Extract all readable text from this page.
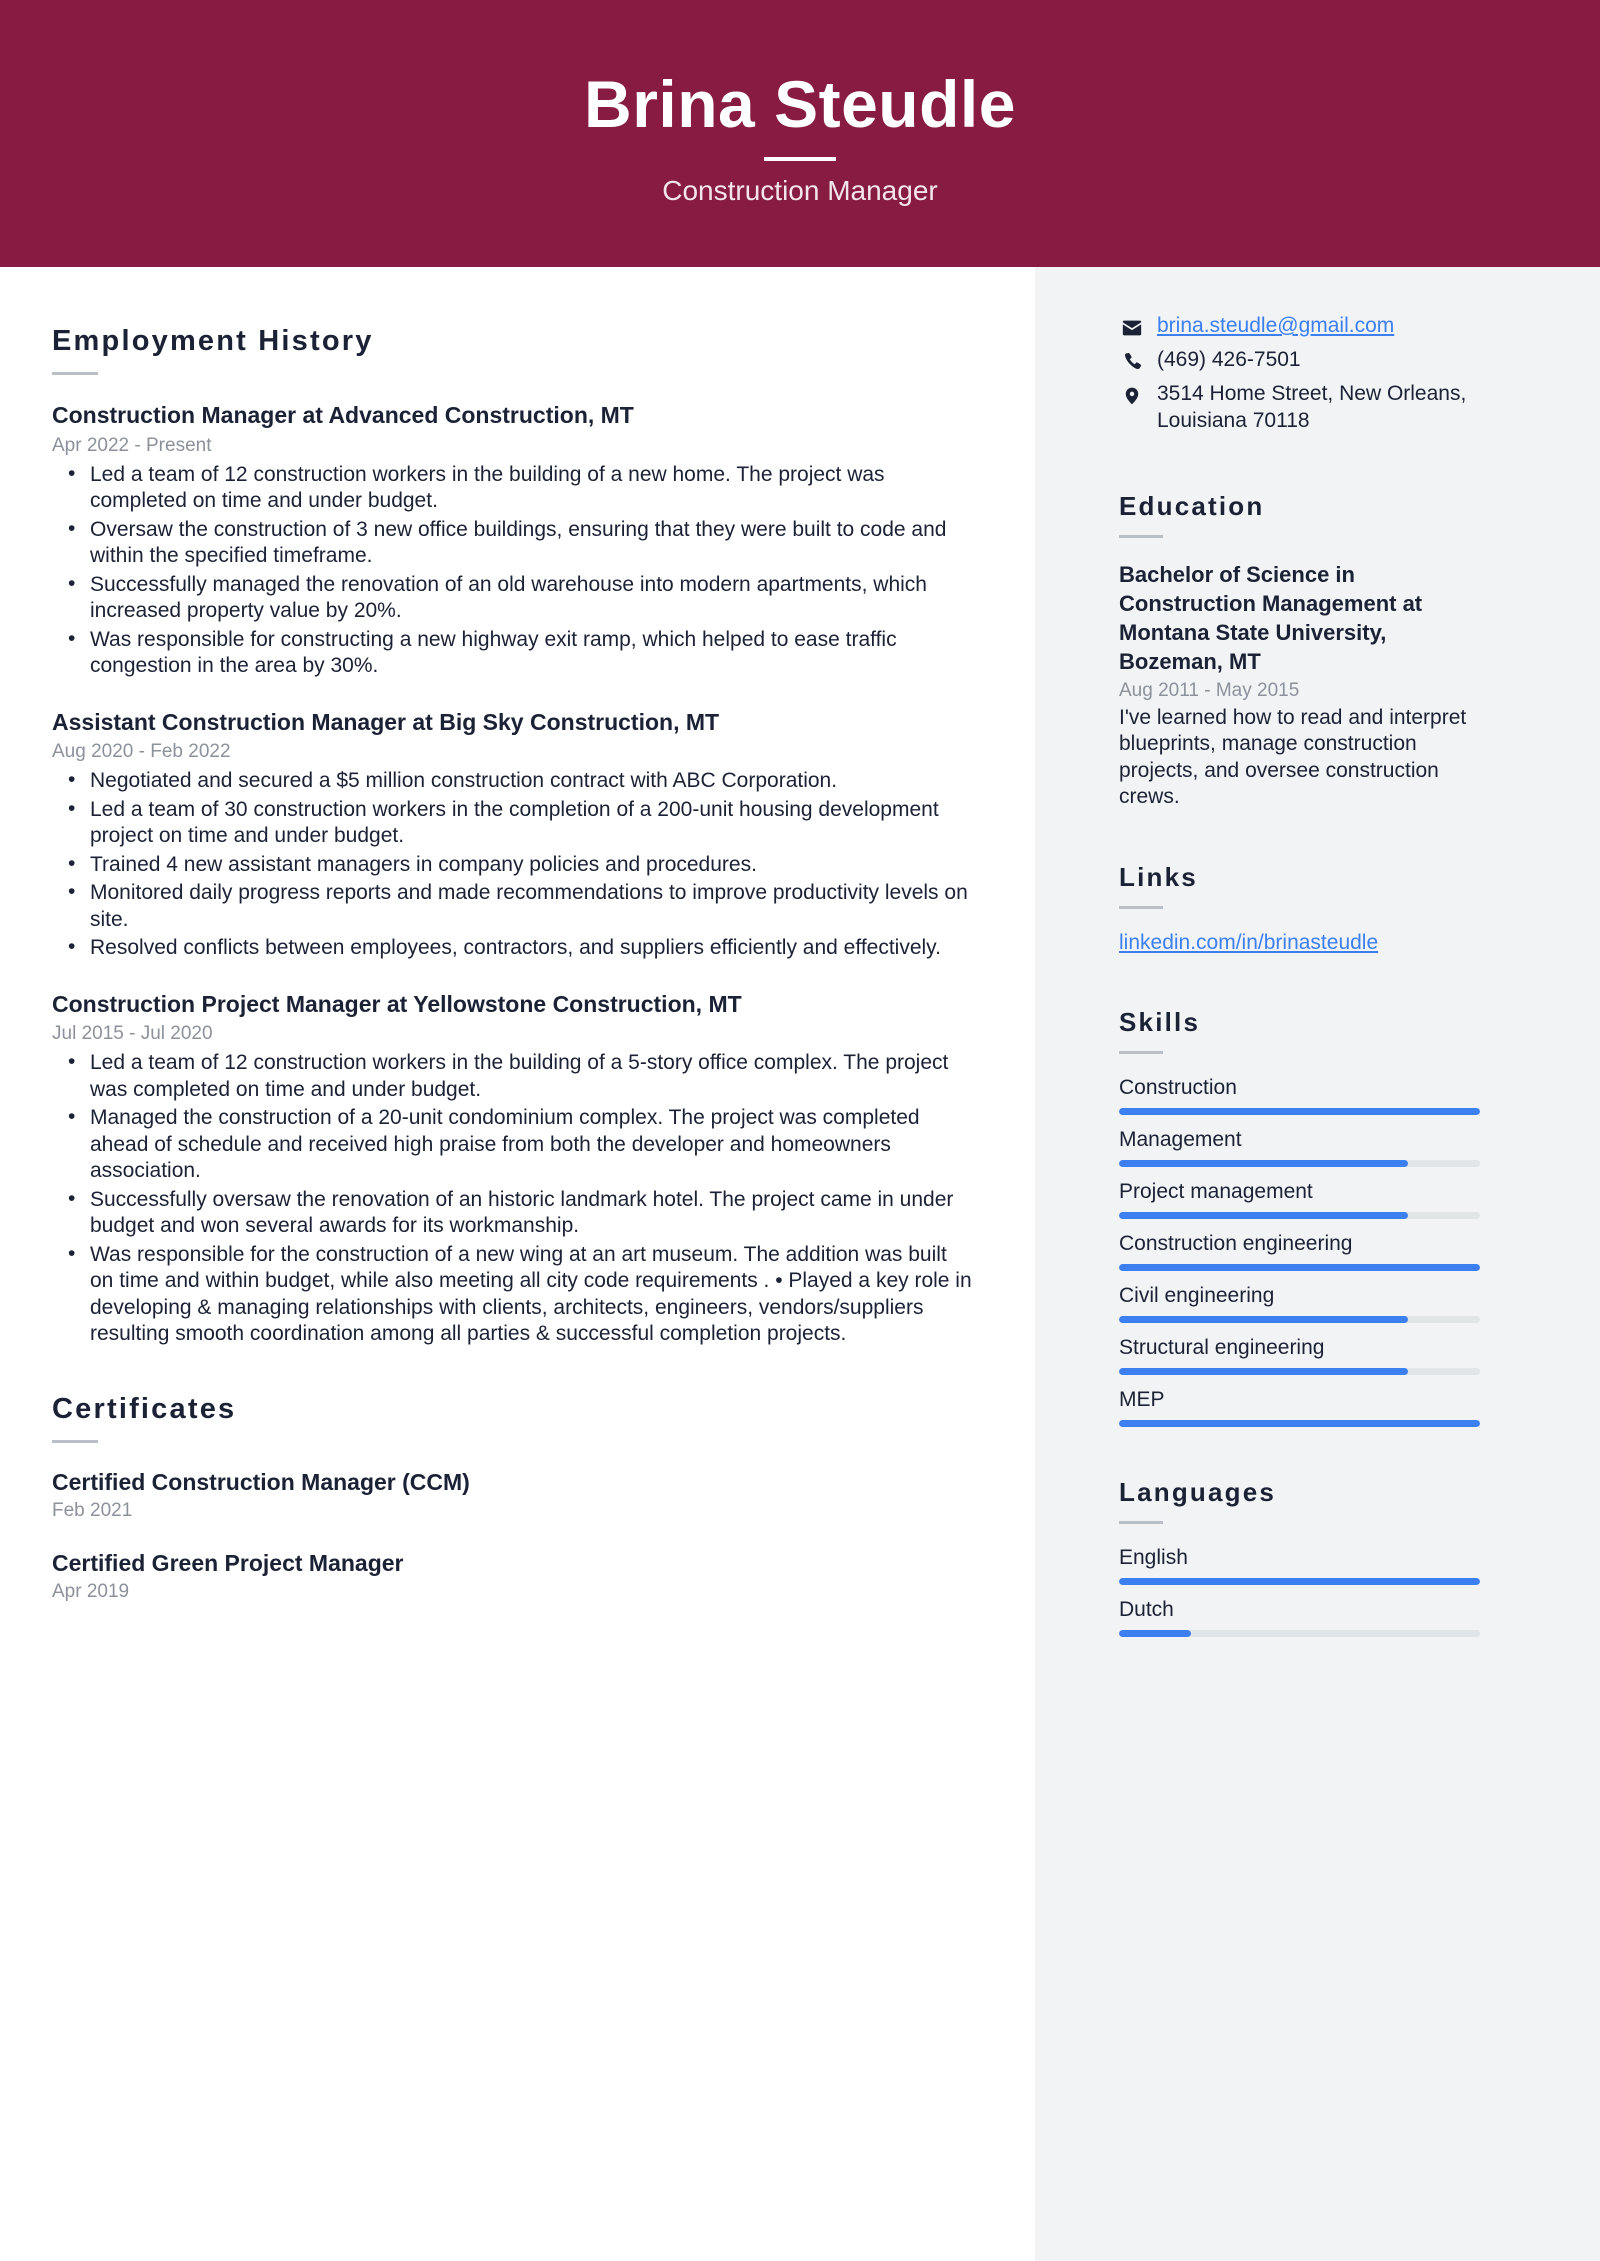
Brina Steudle
Construction Manager
Employment History
Construction Manager at Advanced Construction, MT
Apr 2022 - Present
• Led a team of 12 construction workers in the building of a new home. The project was completed on time and under budget.
• Oversaw the construction of 3 new office buildings, ensuring that they were built to code and within the specified timeframe.
• Successfully managed the renovation of an old warehouse into modern apartments, which increased property value by 20%.
• Was responsible for constructing a new highway exit ramp, which helped to ease traffic congestion in the area by 30%.
Assistant Construction Manager at Big Sky Construction, MT
Aug 2020 - Feb 2022
• Negotiated and secured a $5 million construction contract with ABC Corporation.
• Led a team of 30 construction workers in the completion of a 200-unit housing development project on time and under budget.
• Trained 4 new assistant managers in company policies and procedures.
• Monitored daily progress reports and made recommendations to improve productivity levels on site.
• Resolved conflicts between employees, contractors, and suppliers efficiently and effectively.
Construction Project Manager at Yellowstone Construction, MT
Jul 2015 - Jul 2020
• Led a team of 12 construction workers in the building of a 5-story office complex. The project was completed on time and under budget.
• Managed the construction of a 20-unit condominium complex. The project was completed ahead of schedule and received high praise from both the developer and homeowners association.
• Successfully oversaw the renovation of an historic landmark hotel. The project came in under budget and won several awards for its workmanship.
• Was responsible for the construction of a new wing at an art museum. The addition was built on time and within budget, while also meeting all city code requirements . • Played a key role in developing & managing relationships with clients, architects, engineers, vendors/suppliers resulting smooth coordination among all parties & successful completion projects.
Certificates
Certified Construction Manager (CCM)
Feb 2021
Certified Green Project Manager
Apr 2019
brina.steudle@gmail.com
(469) 426-7501
3514 Home Street, New Orleans, Louisiana 70118
Education
Bachelor of Science in Construction Management at Montana State University, Bozeman, MT
Aug 2011 - May 2015
I've learned how to read and interpret blueprints, manage construction projects, and oversee construction crews.
Links
linkedin.com/in/brinasteudle
Skills
Construction
Management
Project management
Construction engineering
Civil engineering
Structural engineering
MEP
Languages
English
Dutch
